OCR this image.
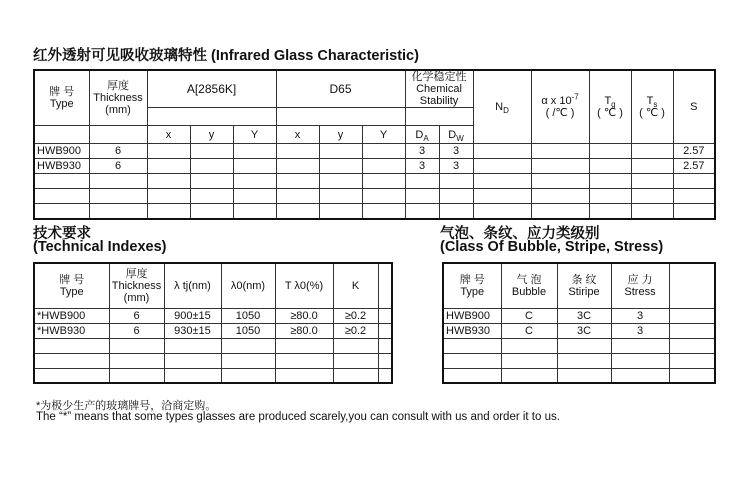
红外透射可见吸收玻璃特性 (Infrared Glass Characteristic)
牌 号
Type	厚度
Thickness
(mm)	A[2856K]			D65			化学稳定性
Chemical
Stability		$N_D$	α x $10^{-7}$
( /℃ )	$T_g$
( ℃ )	$T_s$
( ℃ )	S

		x	y	Y	x	y	Y	$D_A$	$D_W$
HWB900	6							3	3					2.57
HWB930	6							3	3					2.57

技术要求
(Technical Indexes)
牌 号
Type	厚度
Thickness
(mm)	λ tj(nm)	λ0(nm)	T λ0(%)	K	
*HWB900	6	900±15	1050	≥80.0	≥0.2	
*HWB930	6	930±15	1050	≥80.0	≥0.2	

气泡、条纹、应力类级别
(Class Of Bubble, Stripe, Stress)
牌 号
Type	气 泡
Bubble	条 纹
Stiripe	应 力
Stress	
HWB900	C	3C	3	
HWB930	C	3C	3	

*为极少生产的玻璃牌号，洽商定购。
The “*” means that some types glasses are produced scarely,you can consult with us and order it to us.
